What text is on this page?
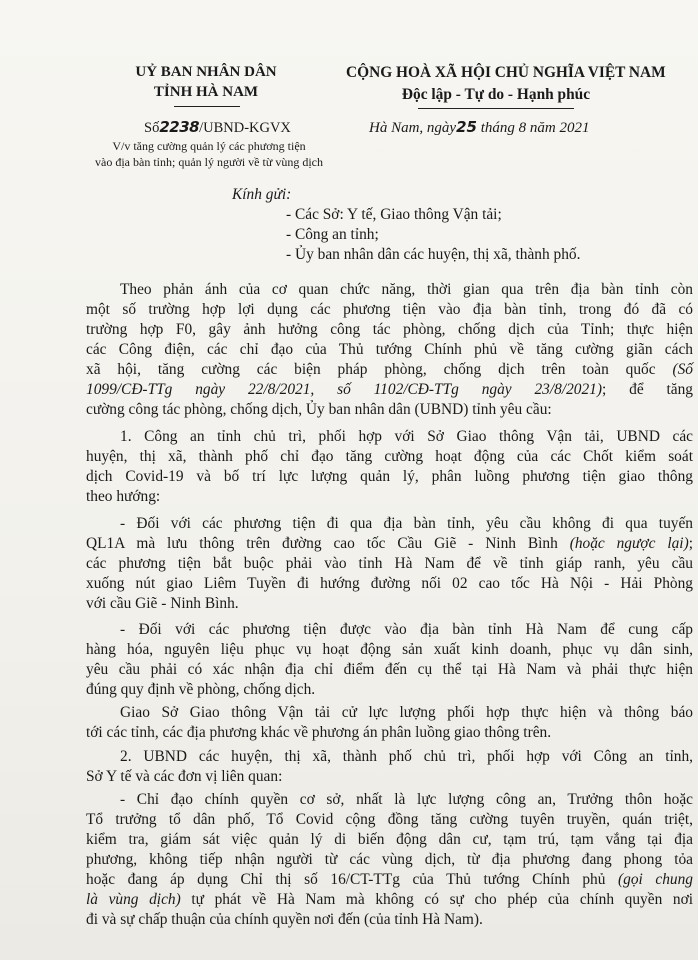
UỶ BAN NHÂN DÂN
TỈNH HÀ NAM
CỘNG HOÀ XÃ HỘI CHỦ NGHĨA VIỆT NAM
Độc lập - Tự do - Hạnh phúc
Số2238/UBND-KGVX
V/v tăng cường quản lý các phương tiện
vào địa bàn tỉnh; quản lý người về từ vùng dịch
Hà Nam, ngày25 tháng 8 năm 2021
Kính gửi:
- Các Sở: Y tế, Giao thông Vận tải;
- Công an tỉnh;
- Ủy ban nhân dân các huyện, thị xã, thành phố.
Theo phản ánh của cơ quan chức năng, thời gian qua trên địa bàn tỉnh còn
một số trường hợp lợi dụng các phương tiện vào địa bàn tỉnh, trong đó đã có
trường hợp F0, gây ảnh hưởng công tác phòng, chống dịch của Tỉnh; thực hiện
các Công điện, các chỉ đạo của Thủ tướng Chính phủ về tăng cường giãn cách
xã hội, tăng cường các biện pháp phòng, chống dịch trên toàn quốc (Số
1099/CĐ-TTg ngày 22/8/2021, số 1102/CĐ-TTg ngày 23/8/2021); để tăng
cường công tác phòng, chống dịch, Ủy ban nhân dân (UBND) tỉnh yêu cầu:
1. Công an tỉnh chủ trì, phối hợp với Sở Giao thông Vận tải, UBND các
huyện, thị xã, thành phố chỉ đạo tăng cường hoạt động của các Chốt kiểm soát
dịch Covid-19 và bố trí lực lượng quản lý, phân luồng phương tiện giao thông
theo hướng:
- Đối với các phương tiện đi qua địa bàn tỉnh, yêu cầu không đi qua tuyến
QL1A mà lưu thông trên đường cao tốc Cầu Giẽ - Ninh Bình (hoặc ngược lại);
các phương tiện bắt buộc phải vào tỉnh Hà Nam để về tỉnh giáp ranh, yêu cầu
xuống nút giao Liêm Tuyền đi hướng đường nối 02 cao tốc Hà Nội - Hải Phòng
với cầu Giẽ - Ninh Bình.
- Đối với các phương tiện được vào địa bàn tỉnh Hà Nam để cung cấp
hàng hóa, nguyên liệu phục vụ hoạt động sản xuất kinh doanh, phục vụ dân sinh,
yêu cầu phải có xác nhận địa chỉ điểm đến cụ thể tại Hà Nam và phải thực hiện
đúng quy định về phòng, chống dịch.
Giao Sở Giao thông Vận tải cử lực lượng phối hợp thực hiện và thông báo
tới các tỉnh, các địa phương khác về phương án phân luồng giao thông trên.
2. UBND các huyện, thị xã, thành phố chủ trì, phối hợp với Công an tỉnh,
Sở Y tế và các đơn vị liên quan:
- Chỉ đạo chính quyền cơ sở, nhất là lực lượng công an, Trưởng thôn hoặc
Tổ trưởng tổ dân phố, Tổ Covid cộng đồng tăng cường tuyên truyền, quán triệt,
kiểm tra, giám sát việc quản lý di biến động dân cư, tạm trú, tạm vắng tại địa
phương, không tiếp nhận người từ các vùng dịch, từ địa phương đang phong tỏa
hoặc đang áp dụng Chỉ thị số 16/CT-TTg của Thủ tướng Chính phủ (gọi chung
là vùng dịch) tự phát về Hà Nam mà không có sự cho phép của chính quyền nơi
đi và sự chấp thuận của chính quyền nơi đến (của tỉnh Hà Nam).
